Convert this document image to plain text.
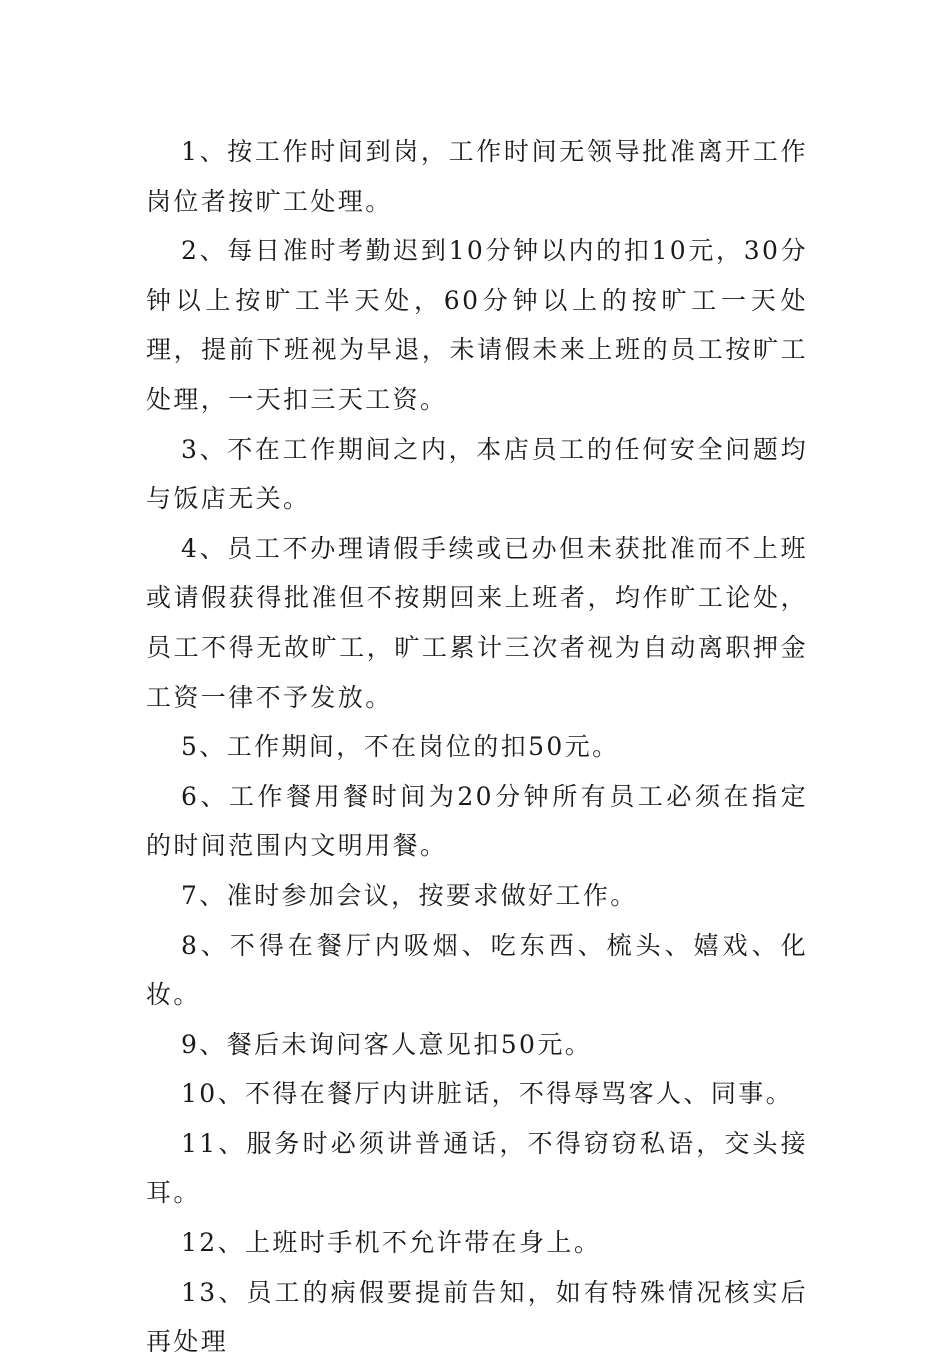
1、按工作时间到岗，工作时间无领导批准离开工作岗位者按旷工处理。

2、每日准时考勤迟到10分钟以内的扣10元，30分钟以上按旷工半天处，60分钟以上的按旷工一天处理，提前下班视为早退，未请假未来上班的员工按旷工处理，一天扣三天工资。

3、不在工作期间之内，本店员工的任何安全问题均与饭店无关。

4、员工不办理请假手续或已办但未获批准而不上班或请假获得批准但不按期回来上班者，均作旷工论处，员工不得无故旷工，旷工累计三次者视为自动离职押金工资一律不予发放。

5、工作期间，不在岗位的扣50元。

6、工作餐用餐时间为20分钟所有员工必须在指定的时间范围内文明用餐。

7、准时参加会议，按要求做好工作。

8、不得在餐厅内吸烟、吃东西、梳头、嬉戏、化妆。

9、餐后未询问客人意见扣50元。

10、不得在餐厅内讲脏话，不得辱骂客人、同事。

11、服务时必须讲普通话，不得窃窃私语，交头接耳。

12、上班时手机不允许带在身上。

13、员工的病假要提前告知，如有特殊情况核实后再处理
